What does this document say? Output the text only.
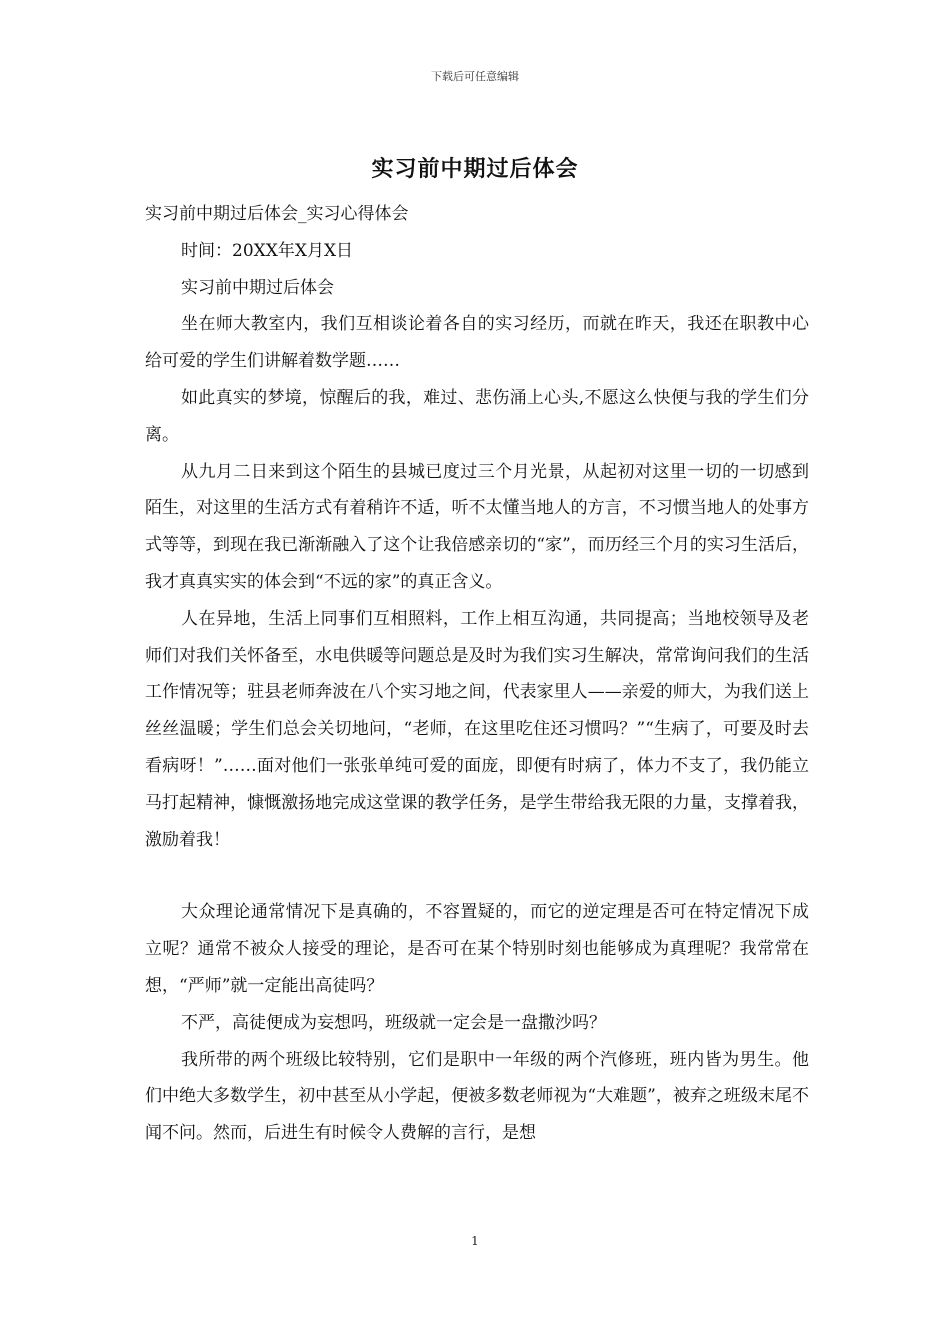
下载后可任意编辑
实习前中期过后体会

实习前中期过后体会_实习心得体会

时间：20XX年X月X日

实习前中期过后体会

坐在师大教室内，我们互相谈论着各自的实习经历，而就在昨天，我还在职教中心给可爱的学生们讲解着数学题……

如此真实的梦境，惊醒后的我，难过、悲伤涌上心头,不愿这么快便与我的学生们分离。

从九月二日来到这个陌生的县城已度过三个月光景，从起初对这里一切的一切感到陌生，对这里的生活方式有着稍许不适，听不太懂当地人的方言，不习惯当地人的处事方式等等，到现在我已渐渐融入了这个让我倍感亲切的“家”，而历经三个月的实习生活后，我才真真实实的体会到“不远的家”的真正含义。

人在异地，生活上同事们互相照料，工作上相互沟通，共同提高；当地校领导及老师们对我们关怀备至，水电供暖等问题总是及时为我们实习生解决，常常询问我们的生活工作情况等；驻县老师奔波在八个实习地之间，代表家里人——亲爱的师大，为我们送上丝丝温暖；学生们总会关切地问，“老师，在这里吃住还习惯吗？”“生病了，可要及时去看病呀！”……面对他们一张张单纯可爱的面庞，即便有时病了，体力不支了，我仍能立马打起精神，慷慨激扬地完成这堂课的教学任务，是学生带给我无限的力量，支撑着我，激励着我！

大众理论通常情况下是真确的，不容置疑的，而它的逆定理是否可在特定情况下成立呢？通常不被众人接受的理论，是否可在某个特别时刻也能够成为真理呢？我常常在想，“严师”就一定能出高徒吗？

不严，高徒便成为妄想吗，班级就一定会是一盘撒沙吗？

我所带的两个班级比较特别，它们是职中一年级的两个汽修班，班内皆为男生。他们中绝大多数学生，初中甚至从小学起，便被多数老师视为“大难题”，被弃之班级末尾不闻不问。然而，后进生有时候令人费解的言行，是想

1
